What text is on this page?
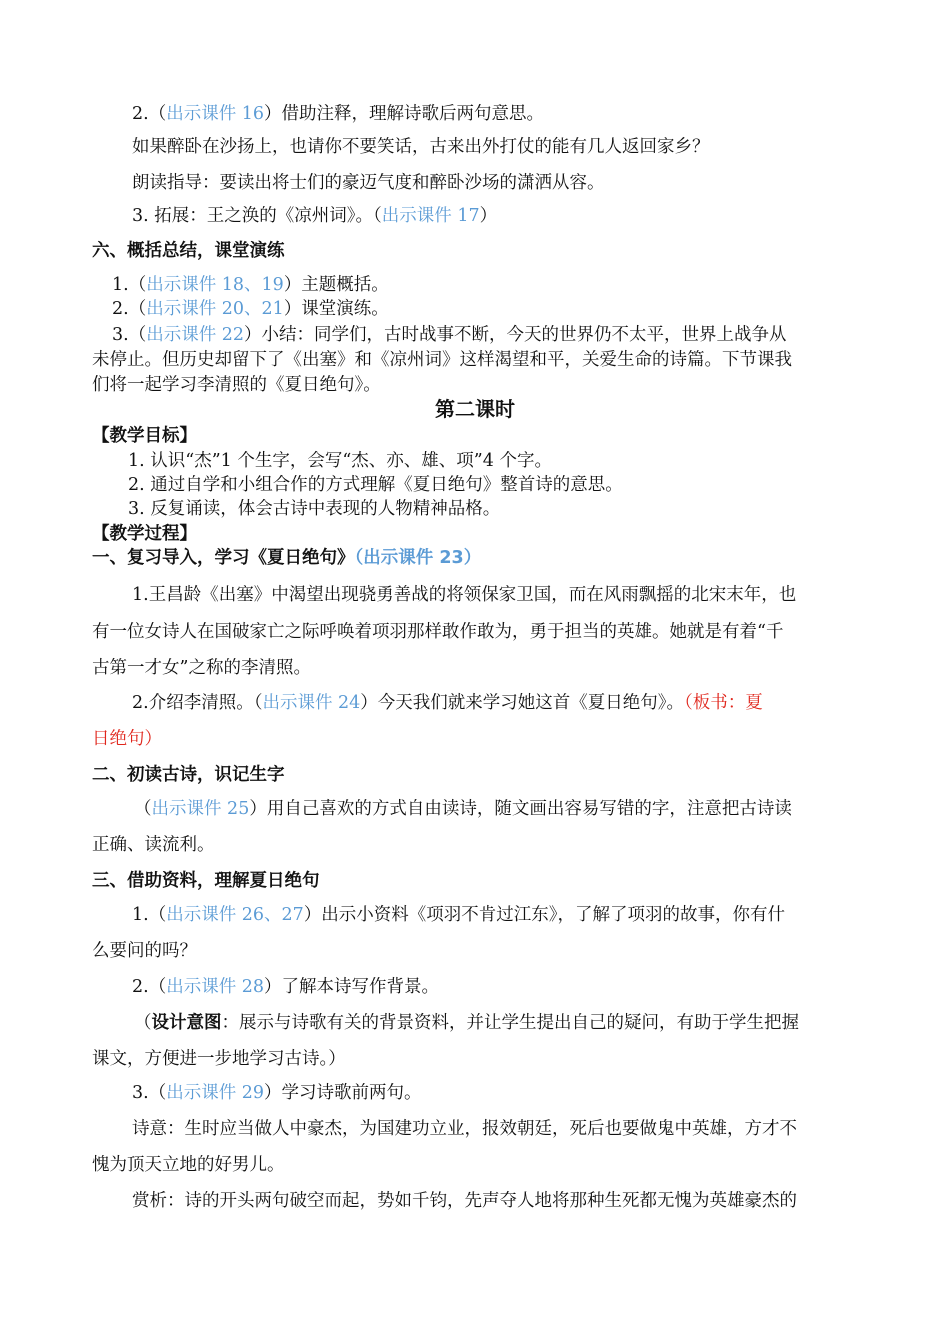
2.（出示课件 16）借助注释，理解诗歌后两句意思。
如果醉卧在沙扬上，也请你不要笑话，古来出外打仗的能有几人返回家乡？
朗读指导：要读出将士们的豪迈气度和醉卧沙场的潇洒从容。
3. 拓展：王之涣的《凉州词》。（出示课件 17）
六、概括总结，课堂演练
1.（出示课件 18、19）主题概括。
2.（出示课件 20、21）课堂演练。
3.（出示课件 22）小结：同学们，古时战事不断，今天的世界仍不太平，世界上战争从
未停止。但历史却留下了《出塞》和《凉州词》这样渴望和平，关爱生命的诗篇。下节课我
们将一起学习李清照的《夏日绝句》。
第二课时
【教学目标】
1. 认识“杰”1 个生字，会写“杰、亦、雄、项”4 个字。
2. 通过自学和小组合作的方式理解《夏日绝句》整首诗的意思。
3. 反复诵读，体会古诗中表现的人物精神品格。
【教学过程】
一、复习导入，学习《夏日绝句》（出示课件 23）
1.王昌龄《出塞》中渴望出现骁勇善战的将领保家卫国，而在风雨飘摇的北宋末年，也
有一位女诗人在国破家亡之际呼唤着项羽那样敢作敢为，勇于担当的英雄。她就是有着“千
古第一才女”之称的李清照。
2.介绍李清照。（出示课件 24）今天我们就来学习她这首《夏日绝句》。（板书：夏
日绝句）
二、初读古诗，识记生字
（出示课件 25）用自己喜欢的方式自由读诗，随文画出容易写错的字，注意把古诗读
正确、读流利。
三、借助资料，理解夏日绝句
1.（出示课件 26、27）出示小资料《项羽不肯过江东》，了解了项羽的故事，你有什
么要问的吗？
2.（出示课件 28）了解本诗写作背景。
（设计意图：展示与诗歌有关的背景资料，并让学生提出自己的疑问，有助于学生把握
课文，方便进一步地学习古诗。）
3.（出示课件 29）学习诗歌前两句。
诗意：生时应当做人中豪杰，为国建功立业，报效朝廷，死后也要做鬼中英雄，方才不
愧为顶天立地的好男儿。
赏析：诗的开头两句破空而起，势如千钧，先声夺人地将那种生死都无愧为英雄豪杰的
